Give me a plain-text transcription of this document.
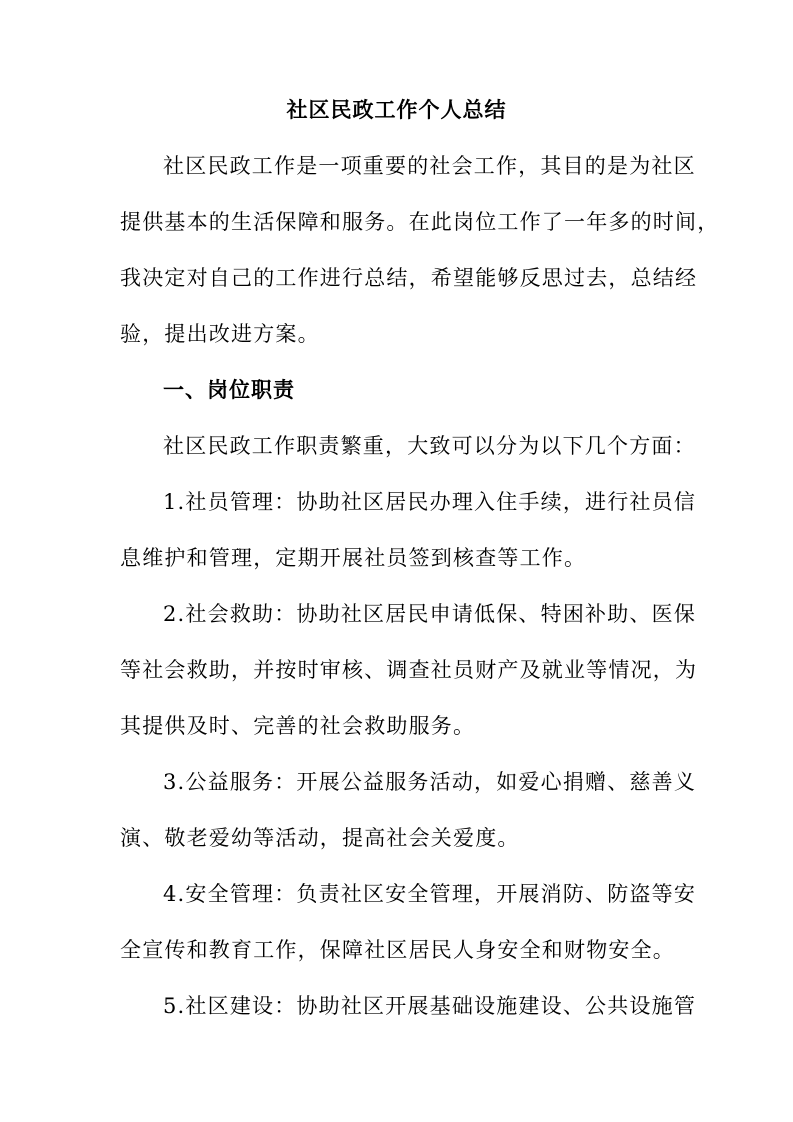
社区民政工作个人总结
社区民政工作是一项重要的社会工作，其目的是为社区
提供基本的生活保障和服务。在此岗位工作了一年多的时间，
我决定对自己的工作进行总结，希望能够反思过去，总结经
验，提出改进方案。
一、岗位职责
社区民政工作职责繁重，大致可以分为以下几个方面：
1.社员管理：协助社区居民办理入住手续，进行社员信
息维护和管理，定期开展社员签到核查等工作。
2.社会救助：协助社区居民申请低保、特困补助、医保
等社会救助，并按时审核、调查社员财产及就业等情况，为
其提供及时、完善的社会救助服务。
3.公益服务：开展公益服务活动，如爱心捐赠、慈善义
演、敬老爱幼等活动，提高社会关爱度。
4.安全管理：负责社区安全管理，开展消防、防盗等安
全宣传和教育工作，保障社区居民人身安全和财物安全。
5.社区建设：协助社区开展基础设施建设、公共设施管
